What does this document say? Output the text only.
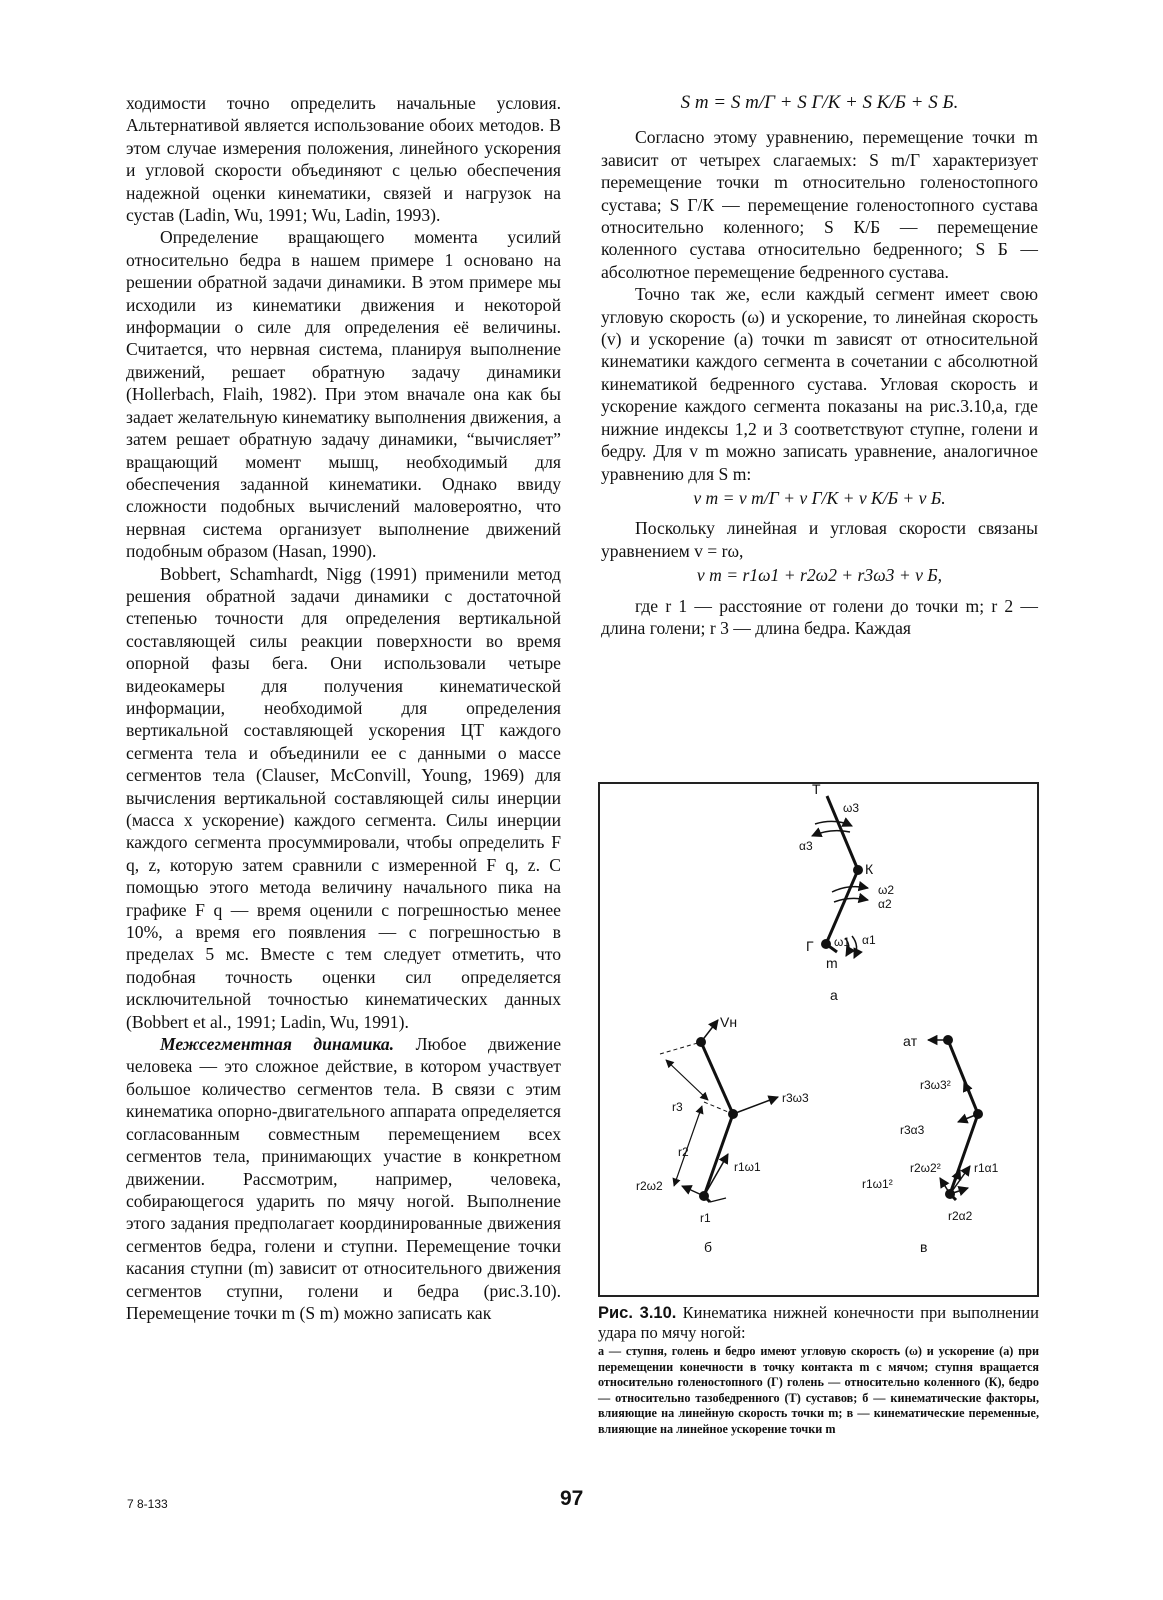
ходимости точно определить начальные условия. Альтернативой является использование обоих методов. В этом случае измерения положения, линейного ускорения и угловой скорости объединяют с целью обеспечения надежной оценки кинематики, связей и нагрузок на сустав (Ladin, Wu, 1991; Wu, Ladin, 1993).

Определение вращающего момента усилий относительно бедра в нашем примере 1 основано на решении обратной задачи динамики. В этом примере мы исходили из кинематики движения и некоторой информации о силе для определения её величины. Считается, что нервная система, планируя выполнение движений, решает обратную задачу динамики (Hollerbach, Flaih, 1982). При этом вначале она как бы задает желательную кинематику выполнения движения, а затем решает обратную задачу динамики, “вычисляет” вращающий момент мышц, необходимый для обеспечения заданной кинематики. Однако ввиду сложности подобных вычислений маловероятно, что нервная система организует выполнение движений подобным образом (Hasan, 1990).

Bobbert, Schamhardt, Nigg (1991) применили метод решения обратной задачи динамики с достаточной степенью точности для определения вертикальной составляющей силы реакции поверхности во время опорной фазы бега. Они использовали четыре видеокамеры для получения кинематической информации, необходимой для определения вертикальной составляющей ускорения ЦТ каждого сегмента тела и объединили ее с данными о массе сегментов тела (Clauser, McConvill, Young, 1969) для вычисления вертикальной составляющей силы инерции (масса х ускорение) каждого сегмента. Силы инерции каждого сегмента просуммировали, чтобы определить F q, z, которую затем сравнили с измеренной F q, z. С помощью этого метода величину начального пика на графике F q — время оценили с погрешностью менее 10%, а время его появления — с погрешностью в пределах 5 мс. Вместе с тем следует отметить, что подобная точность оценки сил определяется исключительной точностью кинематических данных (Bobbert et al., 1991; Ladin, Wu, 1991).

Межсегментная динамика. Любое движение человека — это сложное действие, в котором участвует большое количество сегментов тела. В связи с этим кинематика опорно-двигательного аппарата определяется согласованным совместным перемещением всех сегментов тела, принимающих участие в конкретном движении. Рассмотрим, например, человека, собирающегося ударить по мячу ногой. Выполнение этого задания предполагает координированные движения сегментов бедра, голени и ступни. Перемещение точки касания ступни (m) зависит от относительного движения сегментов ступни, голени и бедра (рис.3.10). Перемещение точки m (S m) можно записать как

S m = S m/Г + S Г/К + S К/Б + S Б.

Согласно этому уравнению, перемещение точки m зависит от четырех слагаемых: S m/Г характеризует перемещение точки m относительно голеностопного сустава; S Г/К — перемещение голеностопного сустава относительно коленного; S К/Б — перемещение коленного сустава относительно бедренного; S Б — абсолютное перемещение бедренного сустава.

Точно так же, если каждый сегмент имеет свою угловую скорость (ω) и ускорение, то линейная скорость (v) и ускорение (a) точки m зависят от относительной кинематики каждого сегмента в сочетании с абсолютной кинематикой бедренного сустава. Угловая скорость и ускорение каждого сегмента показаны на рис.3.10,a, где нижние индексы 1,2 и 3 соответствуют ступне, голени и бедру. Для v m можно записать уравнение, аналогичное уравнению для S m:

v m = v m/Г + v Г/К + v К/Б + v Б.

Поскольку линейная и угловая скорости связаны уравнением v = rω,

v m = r1ω1 + r2ω2 + r3ω3 + v Б,

где r 1 — расстояние от голени до точки m; r 2 — длина голени; r 3 — длина бедра. Каждая

Т
ω3
α3
К
ω2
α2
Г ω1 α1
m
а
Vн
r3ω3
r3
r2
r1ω1
r2ω2
r1
б
aт
r3ω3²
r3α3
r2ω2²	r1α1
r1ω1²
r2α2
в
Рис. 3.10. Кинематика нижней конечности при выполнении удара по мячу ногой:
а — ступня, голень и бедро имеют угловую скорость (ω) и ускорение (a) при перемещении конечности в точку контакта m с мячом; ступня вращается относительно голеностопного (Г) голень — относительно коленного (К), бедро — относительно тазобедренного (Т) суставов; б — кинематические факторы, влияющие на линейную скорость точки m; в — кинематические переменные, влияющие на линейное ускорение точки m
7 8-133	97
